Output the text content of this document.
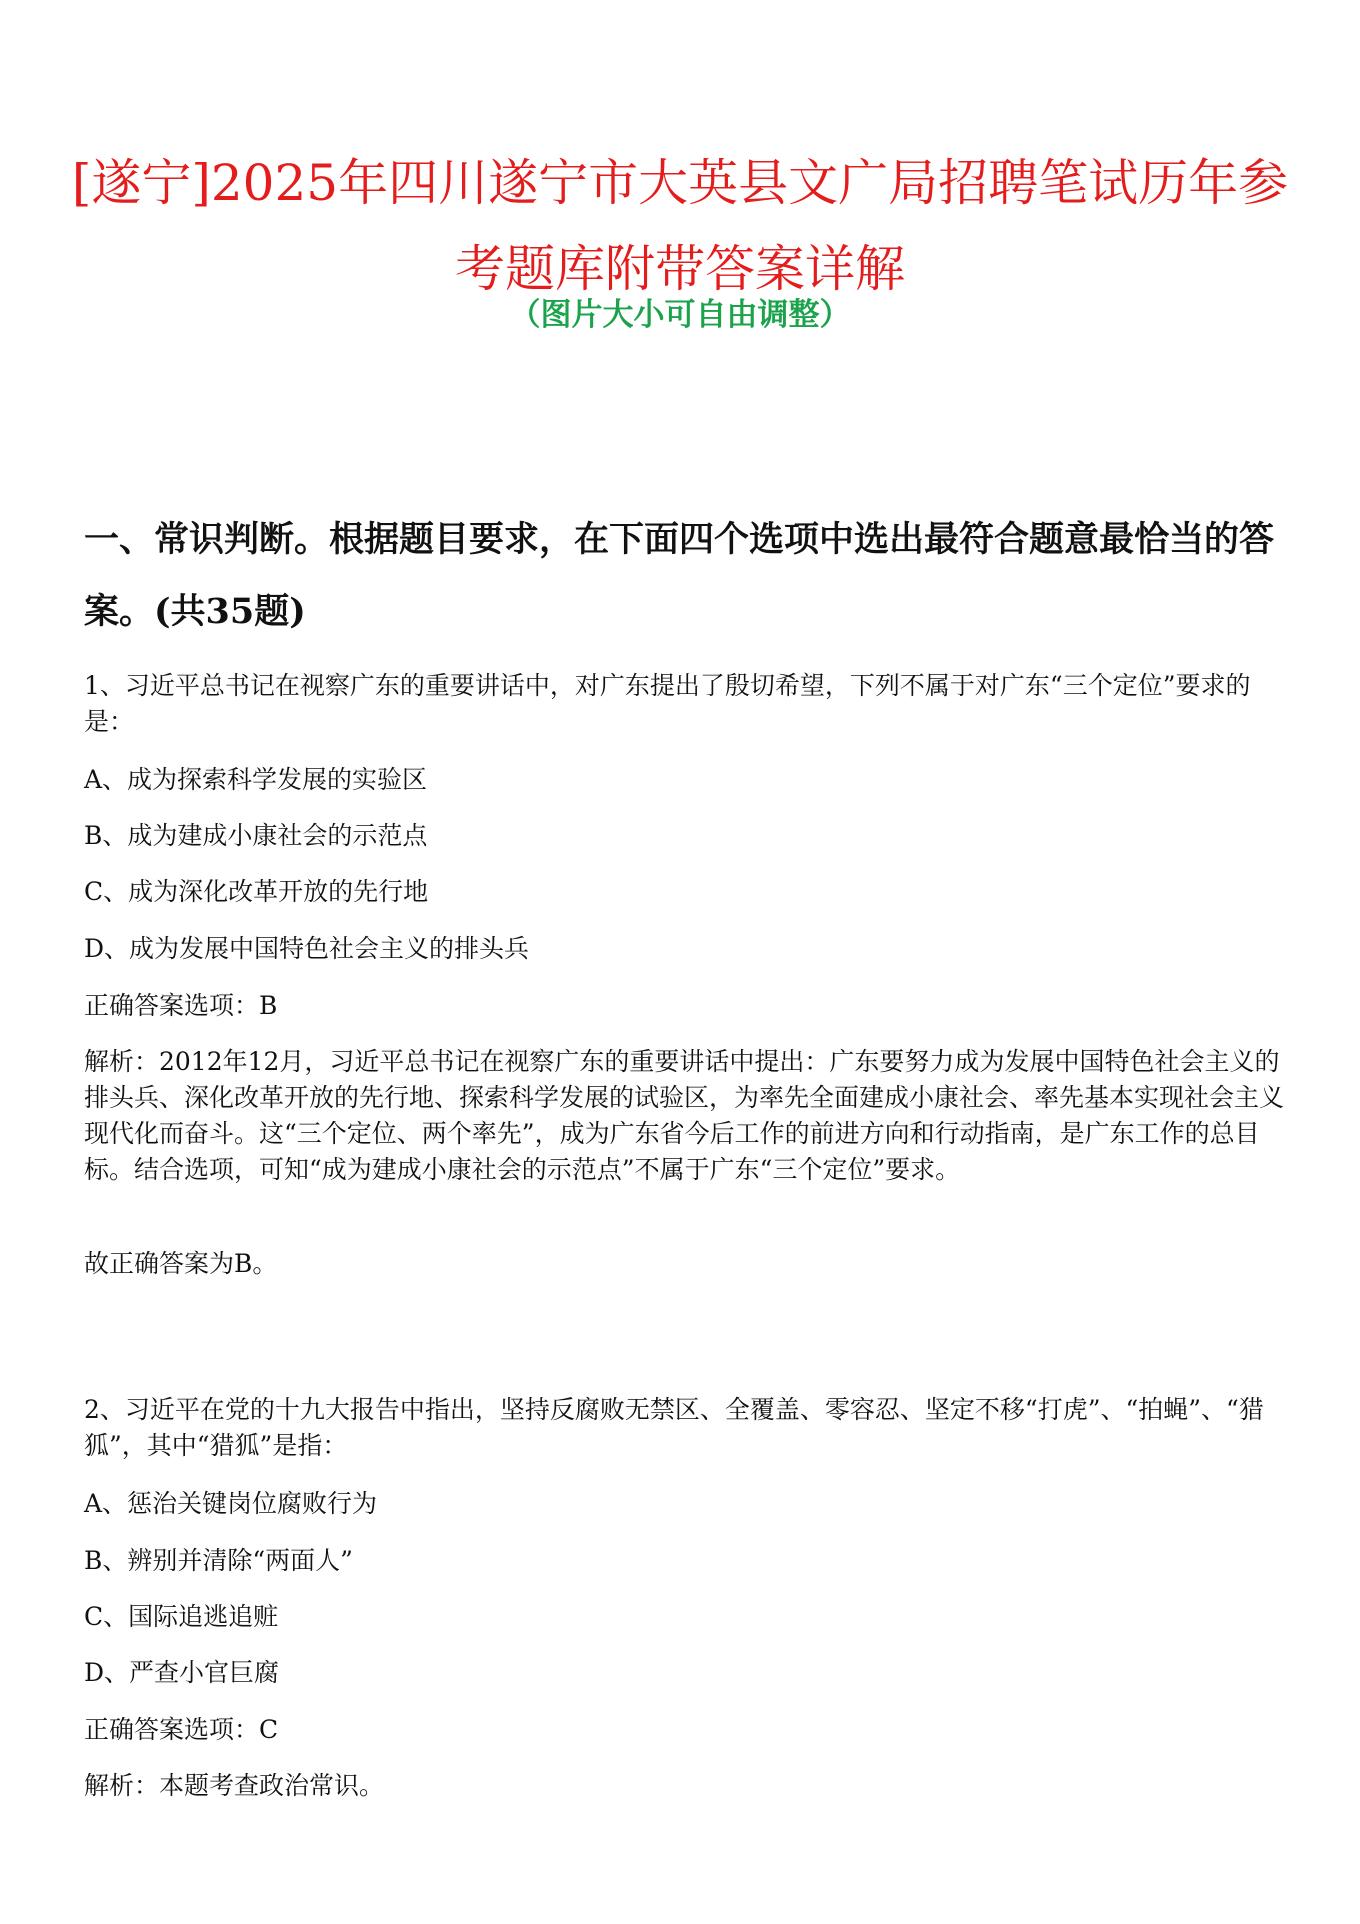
[遂宁]2025年四川遂宁市大英县文广局招聘笔试历年参考题库附带答案详解
（图片大小可自由调整）
一、常识判断。根据题目要求，在下面四个选项中选出最符合题意最恰当的答案。(共35题)

1、习近平总书记在视察广东的重要讲话中，对广东提出了殷切希望，下列不属于对广东“三个定位”要求的是：

A、成为探索科学发展的实验区

B、成为建成小康社会的示范点

C、成为深化改革开放的先行地

D、成为发展中国特色社会主义的排头兵

正确答案选项：B

解析：2012年12月，习近平总书记在视察广东的重要讲话中提出：广东要努力成为发展中国特色社会主义的排头兵、深化改革开放的先行地、探索科学发展的试验区，为率先全面建成小康社会、率先基本实现社会主义现代化而奋斗。这“三个定位、两个率先”，成为广东省今后工作的前进方向和行动指南，是广东工作的总目标。结合选项，可知“成为建成小康社会的示范点”不属于广东“三个定位”要求。

故正确答案为B。

2、习近平在党的十九大报告中指出，坚持反腐败无禁区、全覆盖、零容忍、坚定不移“打虎”、“拍蝇”、“猎狐”，其中“猎狐”是指：

A、惩治关键岗位腐败行为

B、辨别并清除“两面人”

C、国际追逃追赃

D、严查小官巨腐

正确答案选项：C

解析：本题考查政治常识。
